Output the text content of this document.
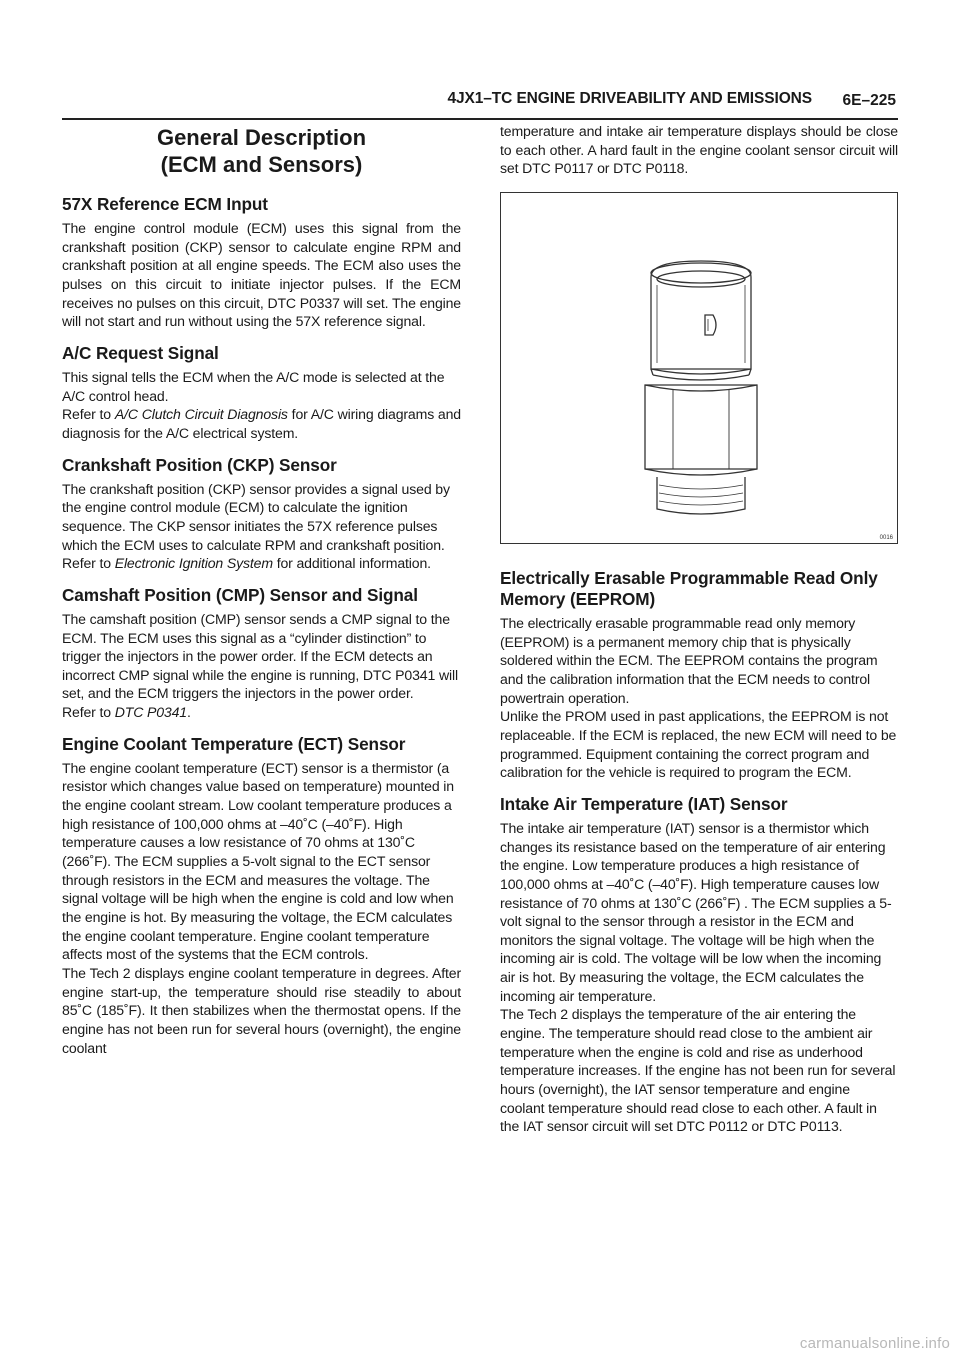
4JX1–TC ENGINE DRIVEABILITY AND EMISSIONS 6E–225
General Description
(ECM and Sensors)
57X Reference ECM Input

The engine control module (ECM) uses this signal from the crankshaft position (CKP) sensor to calculate engine RPM and crankshaft position at all engine speeds. The ECM also uses the pulses on this circuit to initiate injector pulses. If the ECM receives no pulses on this circuit, DTC P0337 will set. The engine will not start and run without using the 57X reference signal.

A/C Request Signal

This signal tells the ECM when the A/C mode is selected at the A/C control head.

Refer to A/C Clutch Circuit Diagnosis for A/C wiring diagrams and diagnosis for the A/C electrical system.

Crankshaft Position (CKP) Sensor

The crankshaft position (CKP) sensor provides a signal used by the engine control module (ECM) to calculate the ignition sequence. The CKP sensor initiates the 57X reference pulses which the ECM uses to calculate RPM and crankshaft position.

Refer to Electronic Ignition System for additional information.

Camshaft Position (CMP) Sensor and Signal

The camshaft position (CMP) sensor sends a CMP signal to the ECM. The ECM uses this signal as a “cylinder distinction” to trigger the injectors in the power order. If the ECM detects an incorrect CMP signal while the engine is running, DTC P0341 will set, and the ECM triggers the injectors in the power order.

Refer to DTC P0341.

Engine Coolant Temperature (ECT) Sensor

The engine coolant temperature (ECT) sensor is a thermistor (a resistor which changes value based on temperature) mounted in the engine coolant stream. Low coolant temperature produces a high resistance of 100,000 ohms at –40˚C (–40˚F). High temperature causes a low resistance of 70 ohms at 130˚C (266˚F). The ECM supplies a 5-volt signal to the ECT sensor through resistors in the ECM and measures the voltage. The signal voltage will be high when the engine is cold and low when the engine is hot. By measuring the voltage, the ECM calculates the engine coolant temperature. Engine coolant temperature affects most of the systems that the ECM controls.

The Tech 2 displays engine coolant temperature in degrees. After engine start-up, the temperature should rise steadily to about 85˚C (185˚F). It then stabilizes when the thermostat opens. If the engine has not been run for several hours (overnight), the engine coolant

temperature and intake air temperature displays should be close to each other. A hard fault in the engine coolant sensor circuit will set DTC P0117 or DTC P0118.

0016
Electrically Erasable Programmable Read Only Memory (EEPROM)

The electrically erasable programmable read only memory (EEPROM) is a permanent memory chip that is physically soldered within the ECM. The EEPROM contains the program and the calibration information that the ECM needs to control powertrain operation.

Unlike the PROM used in past applications, the EEPROM is not replaceable. If the ECM is replaced, the new ECM will need to be programmed. Equipment containing the correct program and calibration for the vehicle is required to program the ECM.

Intake Air Temperature (IAT) Sensor

The intake air temperature (IAT) sensor is a thermistor which changes its resistance based on the temperature of air entering the engine. Low temperature produces a high resistance of 100,000 ohms at –40˚C (–40˚F). High temperature causes low resistance of 70 ohms at 130˚C (266˚F) . The ECM supplies a 5-volt signal to the sensor through a resistor in the ECM and monitors the signal voltage. The voltage will be high when the incoming air is cold. The voltage will be low when the incoming air is hot. By measuring the voltage, the ECM calculates the incoming air temperature.

The Tech 2 displays the temperature of the air entering the engine. The temperature should read close to the ambient air temperature when the engine is cold and rise as underhood temperature increases. If the engine has not been run for several hours (overnight), the IAT sensor temperature and engine coolant temperature should read close to each other. A fault in the IAT sensor circuit will set DTC P0112 or DTC P0113.

carmanualsonline.info
